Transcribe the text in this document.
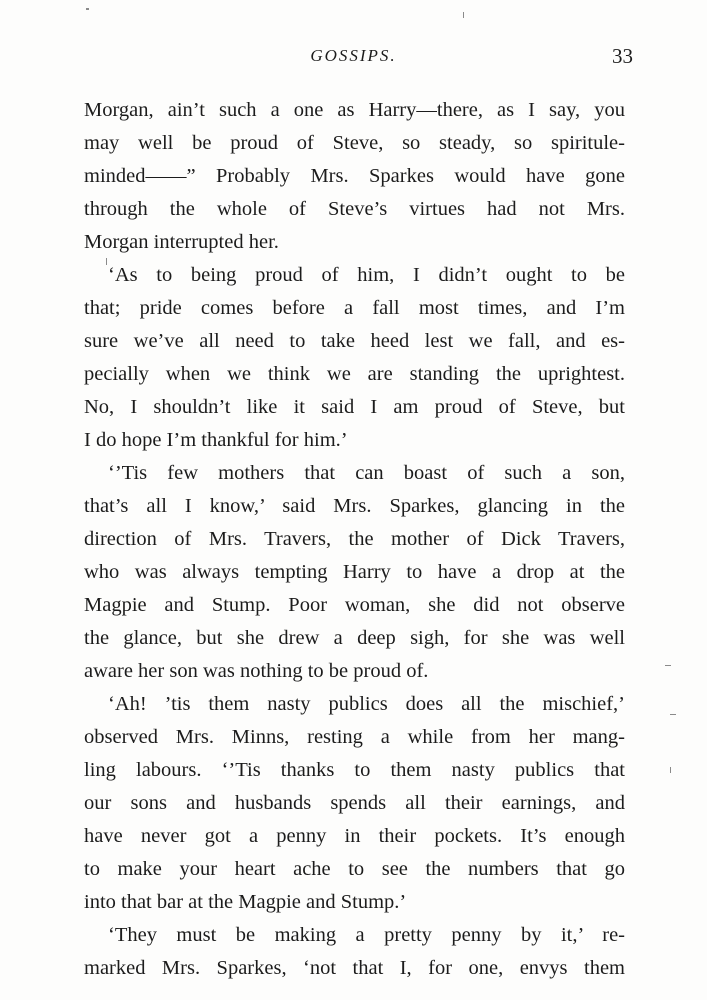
GOSSIPS.	33
Morgan, ain’t such a one as Harry—there, as I say, you
may well be proud of Steve, so steady, so spiritule-
minded——” Probably Mrs. Sparkes would have gone
through the whole of Steve’s virtues had not Mrs.
Morgan interrupted her.
‘As to being proud of him, I didn’t ought to be
that; pride comes before a fall most times, and I’m
sure we’ve all need to take heed lest we fall, and es-
pecially when we think we are standing the uprightest.
No, I shouldn’t like it said I am proud of Steve, but
I do hope I’m thankful for him.’
‘’Tis few mothers that can boast of such a son,
that’s all I know,’ said Mrs. Sparkes, glancing in the
direction of Mrs. Travers, the mother of Dick Travers,
who was always tempting Harry to have a drop at the
Magpie and Stump. Poor woman, she did not observe
the glance, but she drew a deep sigh, for she was well
aware her son was nothing to be proud of.
‘Ah! ’tis them nasty publics does all the mischief,’
observed Mrs. Minns, resting a while from her mang-
ling labours. ‘’Tis thanks to them nasty publics that
our sons and husbands spends all their earnings, and
have never got a penny in their pockets. It’s enough
to make your heart ache to see the numbers that go
into that bar at the Magpie and Stump.’
‘They must be making a pretty penny by it,’ re-
marked Mrs. Sparkes, ‘not that I, for one, envys them
